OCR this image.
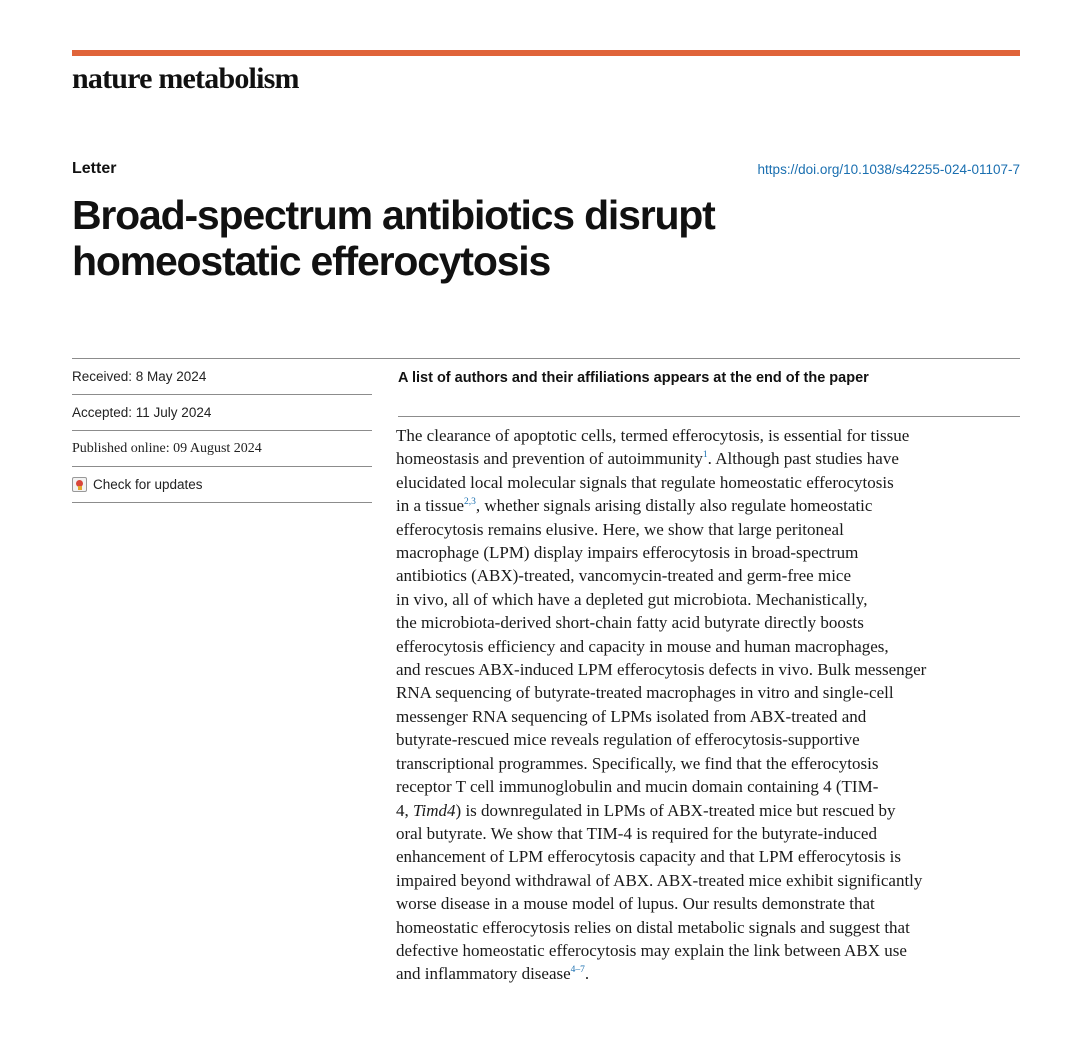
nature metabolism
Letter	https://doi.org/10.1038/s42255-024-01107-7
Broad-spectrum antibiotics disrupt
homeostatic efferocytosis
Received: 8 May 2024
Accepted: 11 July 2024
Published online: 09 August 2024
Check for updates
A list of authors and their affiliations appears at the end of the paper

The clearance of apoptotic cells, termed efferocytosis, is essential for tissue
homeostasis and prevention of autoimmunity$^1$. Although past studies have
elucidated local molecular signals that regulate homeostatic efferocytosis
in a tissue$^{2,3}$, whether signals arising distally also regulate homeostatic
efferocytosis remains elusive. Here, we show that large peritoneal
macrophage (LPM) display impairs efferocytosis in broad-spectrum
antibiotics (ABX)-treated, vancomycin-treated and germ-free mice
in vivo, all of which have a depleted gut microbiota. Mechanistically,
the microbiota-derived short-chain fatty acid butyrate directly boosts
efferocytosis efficiency and capacity in mouse and human macrophages,
and rescues ABX-induced LPM efferocytosis defects in vivo. Bulk messenger
RNA sequencing of butyrate-treated macrophages in vitro and single-cell
messenger RNA sequencing of LPMs isolated from ABX-treated and
butyrate-rescued mice reveals regulation of efferocytosis-supportive
transcriptional programmes. Specifically, we find that the efferocytosis
receptor T cell immunoglobulin and mucin domain containing 4 (TIM-
4, Timd4) is downregulated in LPMs of ABX-treated mice but rescued by
oral butyrate. We show that TIM-4 is required for the butyrate-induced
enhancement of LPM efferocytosis capacity and that LPM efferocytosis is
impaired beyond withdrawal of ABX. ABX-treated mice exhibit significantly
worse disease in a mouse model of lupus. Our results demonstrate that
homeostatic efferocytosis relies on distal metabolic signals and suggest that
defective homeostatic efferocytosis may explain the link between ABX use
and inflammatory disease$^{4-7}$.
